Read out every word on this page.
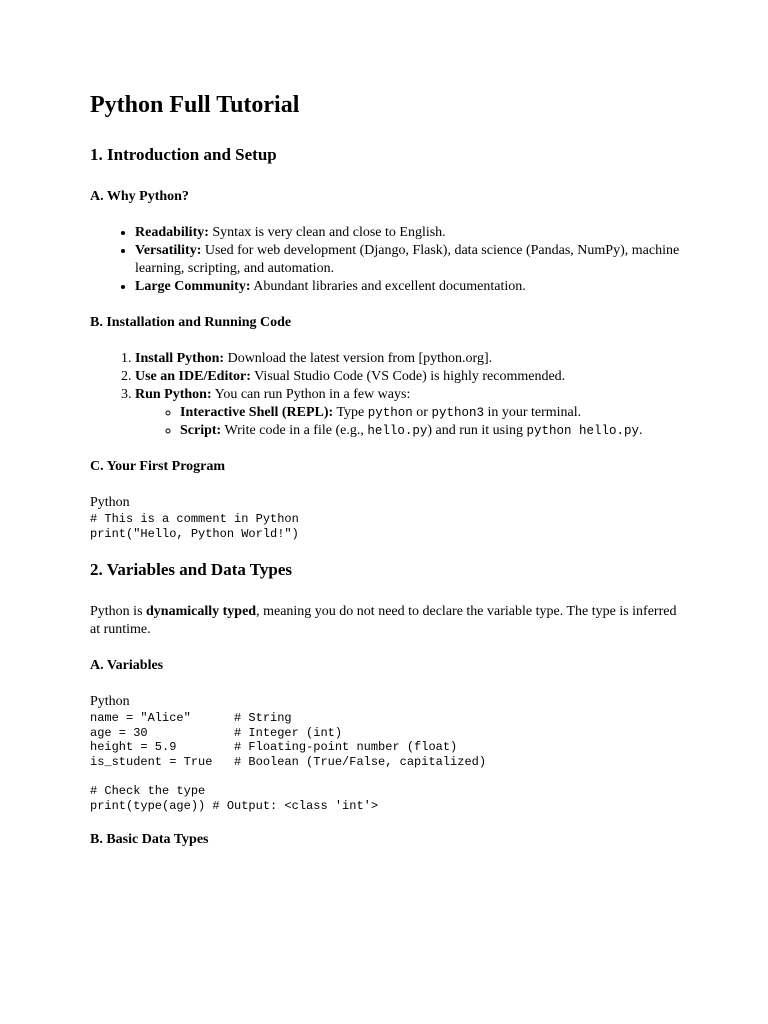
Python Full Tutorial
1. Introduction and Setup
A. Why Python?
• Readability: Syntax is very clean and close to English.
• Versatility: Used for web development (Django, Flask), data science (Pandas, NumPy), machine learning, scripting, and automation.
• Large Community: Abundant libraries and excellent documentation.
B. Installation and Running Code
1. Install Python: Download the latest version from [python.org].
2. Use an IDE/Editor: Visual Studio Code (VS Code) is highly recommended.
3. Run Python: You can run Python in a few ways:
◦ Interactive Shell (REPL): Type python or python3 in your terminal.
◦ Script: Write code in a file (e.g., hello.py) and run it using python hello.py.
C. Your First Program
Python
# This is a comment in Python
print("Hello, Python World!")
2. Variables and Data Types

Python is dynamically typed, meaning you do not need to declare the variable type. The type is inferred at runtime.

A. Variables
Python
name = "Alice"      # String
age = 30            # Integer (int)
height = 5.9        # Floating-point number (float)
is_student = True   # Boolean (True/False, capitalized)

# Check the type
print(type(age)) # Output: <class 'int'>
B. Basic Data Types
